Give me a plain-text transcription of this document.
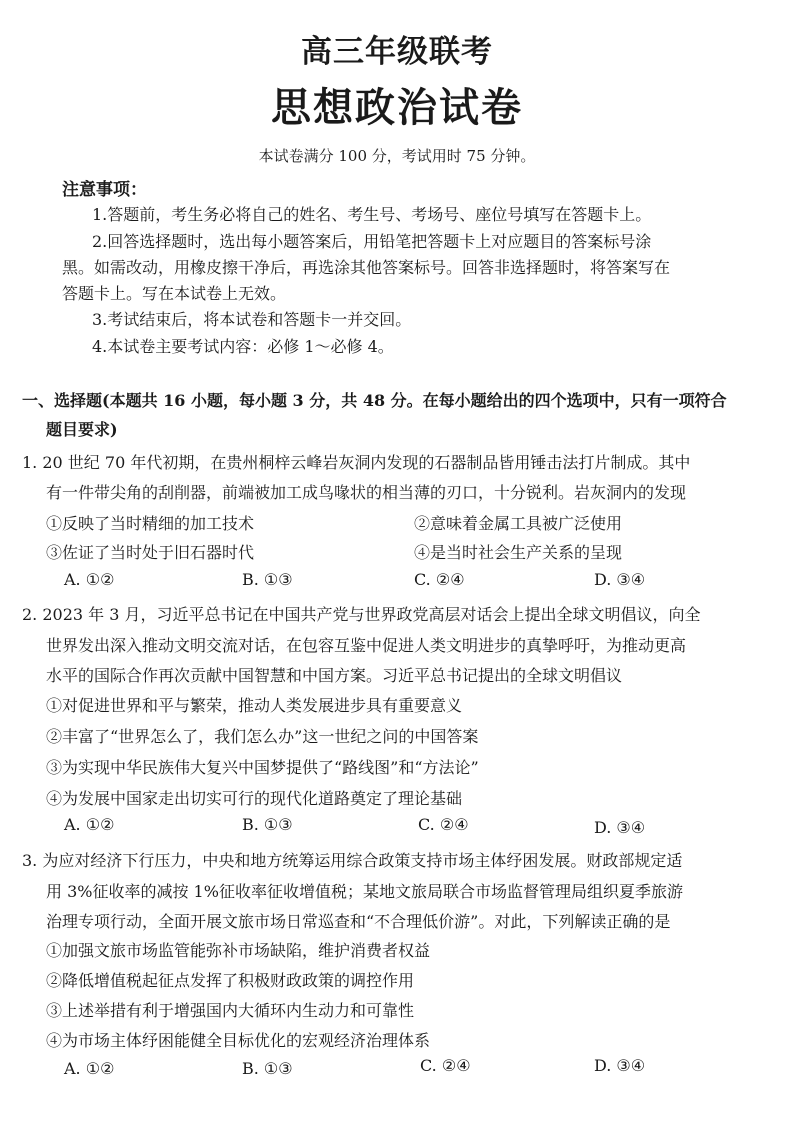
高三年级联考
思想政治试卷
本试卷满分 100 分，考试用时 75 分钟。
注意事项：
1.答题前，考生务必将自己的姓名、考生号、考场号、座位号填写在答题卡上。
2.回答选择题时，选出每小题答案后，用铅笔把答题卡上对应题目的答案标号涂
黑。如需改动，用橡皮擦干净后，再选涂其他答案标号。回答非选择题时，将答案写在
答题卡上。写在本试卷上无效。
3.考试结束后，将本试卷和答题卡一并交回。
4.本试卷主要考试内容：必修 1～必修 4。
一、选择题(本题共 16 小题，每小题 3 分，共 48 分。在每小题给出的四个选项中，只有一项符合
题目要求)
1. 20 世纪 70 年代初期，在贵州桐梓云峰岩灰洞内发现的石器制品皆用锤击法打片制成。其中
有一件带尖角的刮削器，前端被加工成鸟喙状的相当薄的刃口，十分锐利。岩灰洞内的发现
①反映了当时精细的加工技术	②意味着金属工具被广泛使用
③佐证了当时处于旧石器时代	④是当时社会生产关系的呈现
A. ①②	B. ①③	C. ②④	D. ③④
2. 2023 年 3 月，习近平总书记在中国共产党与世界政党高层对话会上提出全球文明倡议，向全
世界发出深入推动文明交流对话，在包容互鉴中促进人类文明进步的真挚呼吁，为推动更高
水平的国际合作再次贡献中国智慧和中国方案。习近平总书记提出的全球文明倡议
①对促进世界和平与繁荣，推动人类发展进步具有重要意义
②丰富了“世界怎么了，我们怎么办”这一世纪之问的中国答案
③为实现中华民族伟大复兴中国梦提供了“路线图”和“方法论”
④为发展中国家走出切实可行的现代化道路奠定了理论基础
A. ①②	B. ①③	C. ②④	D. ③④
3. 为应对经济下行压力，中央和地方统筹运用综合政策支持市场主体纾困发展。财政部规定适
用 3%征收率的减按 1%征收率征收增值税；某地文旅局联合市场监督管理局组织夏季旅游
治理专项行动，全面开展文旅市场日常巡查和“不合理低价游”。对此，下列解读正确的是
①加强文旅市场监管能弥补市场缺陷，维护消费者权益
②降低增值税起征点发挥了积极财政政策的调控作用
③上述举措有利于增强国内大循环内生动力和可靠性
④为市场主体纾困能健全目标优化的宏观经济治理体系
A. ①②	B. ①③	C. ②④	D. ③④
